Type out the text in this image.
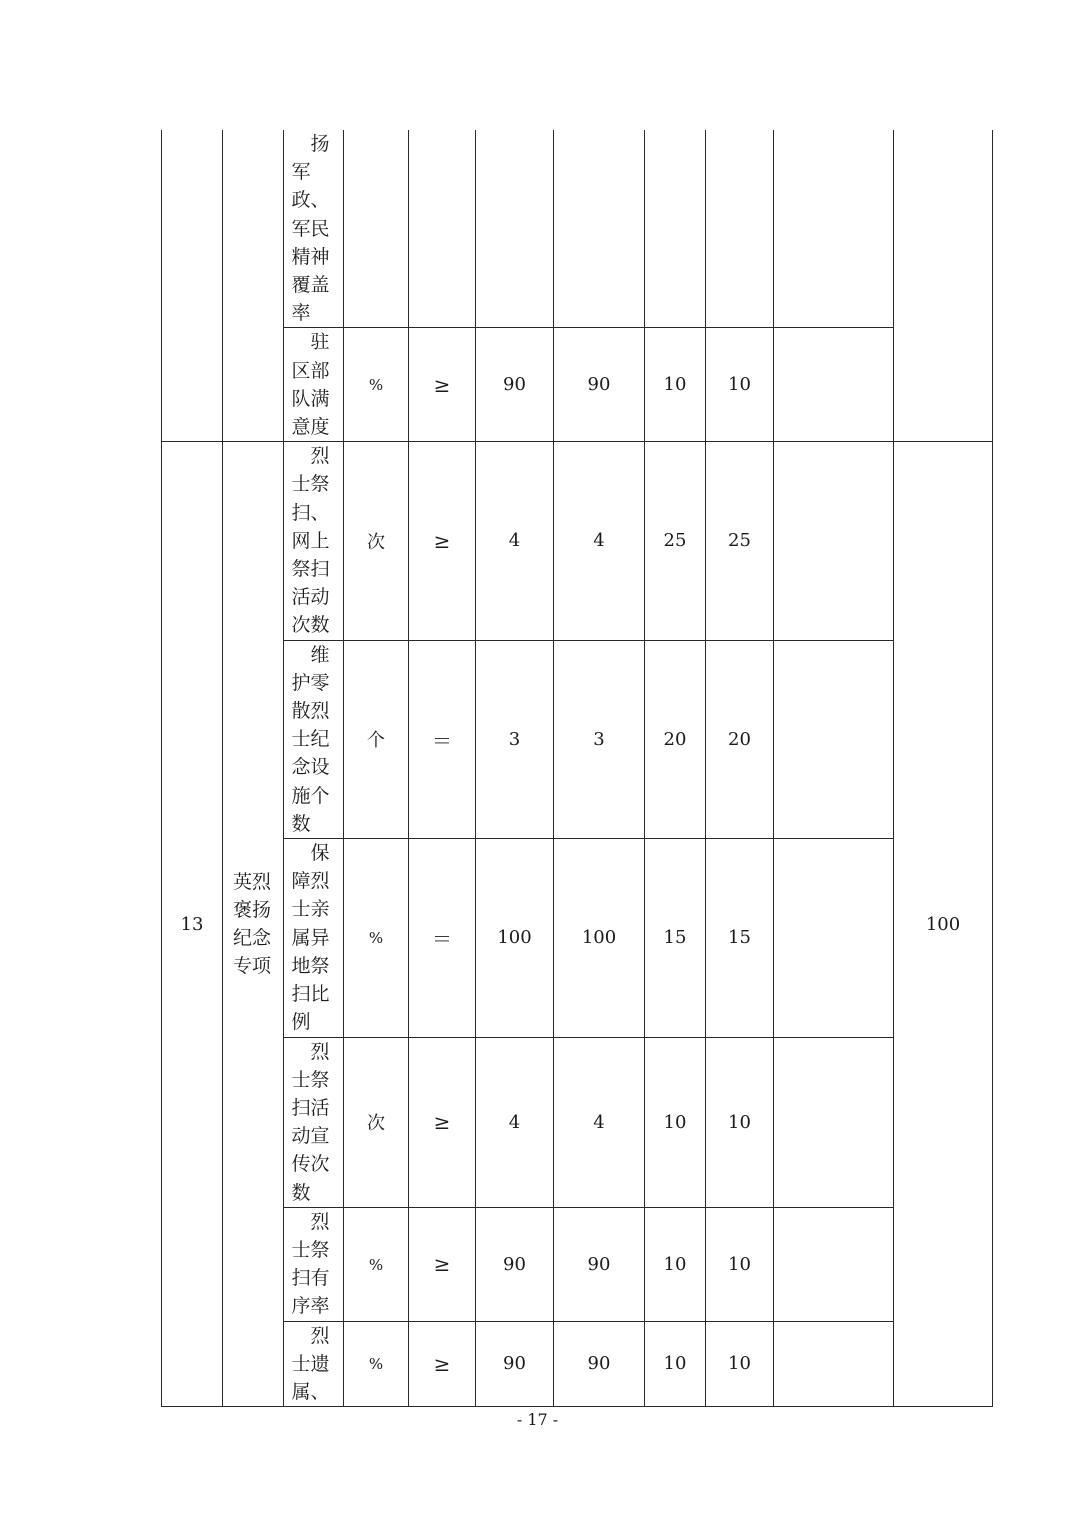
		扬军政、军民精神覆盖率								

		驻区部队满意度	%	≥	90	90	10	10		
13	英烈褒扬纪念专项	烈士祭扫、网上祭扫活动次数	次	≥	4	4	25	25		100

		维护零散烈士纪念设施个数	个	＝	3	3	20	20		

		保障烈士亲属异地祭扫比例	%	＝	100	100	15	15		

		烈士祭扫活动宣传次数	次	≥	4	4	10	10		

		烈士祭扫有序率	%	≥	90	90	10	10		

		烈士遗属、	%	≥	90	90	10	10		
- 17 -
